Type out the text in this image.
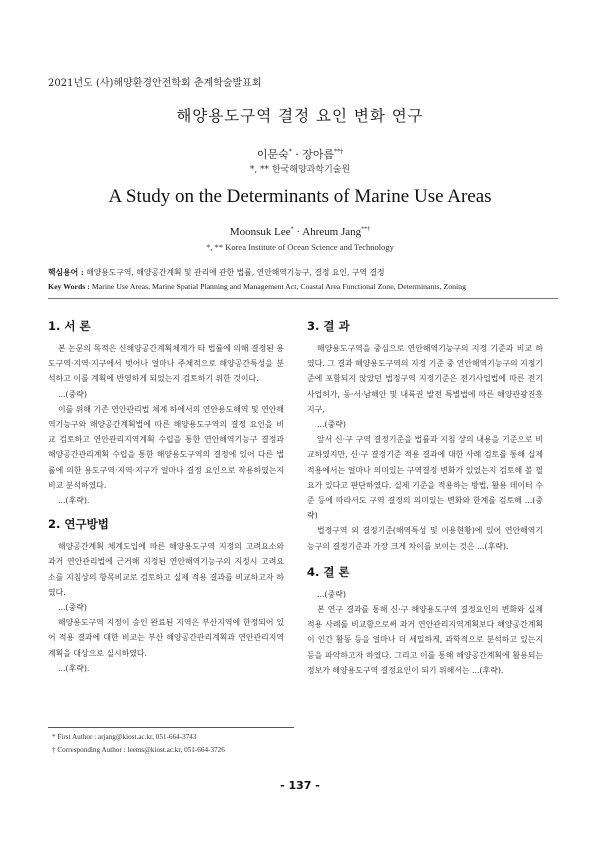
2021년도 (사)해양환경안전학회 춘계학술발표회
해양용도구역 결정 요인 변화 연구
이문숙* · 장아름**†
*, ** 한국해양과학기술원
A Study on the Determinants of Marine Use Areas
Moonsuk Lee* · Ahreum Jang**†
*, ** Korea Institute of Ocean Science and Technology
핵심용어 : 해양용도구역, 해양공간계획 및 관리에 관한 법률, 연안해역기능구, 결정 요인, 구역 결정
Key Words : Marine Use Areas, Marine Spatial Planning and Management Act, Coastal Area Functional Zone, Determinants, Zoning
1. 서 론

본 논문의 목적은 신해양공간계획체계가 타 법률에 의해 결정된 용도구역·지역·지구에서 벗어나 얼마나 주체적으로 해양공간특성을 분석하고 이를 계획에 반영하게 되었는지 검토하기 위한 것이다.

...(중략)

이를 위해 기존 연안관리법 체계 하에서의 연안용도해역 및 연안해역기능구와 해양공간계획법에 따른 해양용도구역의 결정 요인을 비교 검토하고 연안관리지역계획 수립을 통한 연안해역기능구 결정과 해양공간관리계획 수립을 통한 해양용도구역의 결정에 있어 다른 법률에 의한 용도구역·지역·지구가 얼마나 결정 요인으로 작용하였는지 비교 분석하였다.

...(후략).

2. 연구방법

해양공간계획 체계도입에 따른 해양용도구역 지정의 고려요소와 과거 연안관리법에 근거해 지정된 연안해역기능구의 지정시 고려요소를 지침상의 항목비교로 검토하고 실제 적용 결과를 비교하고자 하였다.

...(중략)

해양용도구역 지정이 승인 완료된 지역은 부산지역에 한정되어 있어 적용 결과에 대한 비교는 부산 해양공간관리계획과 연안관리지역계획을 대상으로 실시하였다.

...(후략).

3. 결 과

해양용도구역을 중심으로 연안해역기능구의 지정 기준과 비교 하였다. 그 결과 해양용도구역의 지정 기준 중 연안해역기능구의 지정기준에 포함되지 않았던 법정구역 지정기준은 전기사업법에 따른 전기사업허가, 동·서·남해안 및 내륙권 발전 특별법에 따른 해양관광진흥지구,

...(중략)

앞서 신·구 구역 결정기준을 법률과 지침 상의 내용을 기준으로 비교하였지만, 신·구 결정기준 적용 결과에 대한 사례 검토를 통해 실제 적용에서는 얼마나 의미있는 구역결정 변화가 있었는지 검토해 볼 필요가 있다고 판단하였다. 실제 기준을 적용하는 방법, 활용 데이터 수준 등에 따라서도 구역 결정의 의미있는 변화와 한계를 검토해 ...(중략)

법정구역 외 결정기준(해역특성 및 이용현황)에 있어 연안해역기능구의 결정기준과 가장 크게 차이를 보이는 것은 ...(후략).

4. 결 론

...(중략)

본 연구 결과를 통해 신·구 해양용도구역 결정요인의 변화와 실제 적용 사례를 비교함으로써 과거 연안관리지역계획보다 해양공간계획이 인간 활동 등을 얼마나 더 세밀하게, 과학적으로 분석하고 있는지 등을 파악하고자 하였다. 그리고 이를 통해 해양공간계획에 활용되는 정보가 해양용도구역 결정요인이 되기 위해서는 ...(후략).

* First Author : arjang@kiost.ac.kr, 051-664-3743
† Corresponding Author : leems@kiost.ac.kr, 051-664-3726
- 137 -
